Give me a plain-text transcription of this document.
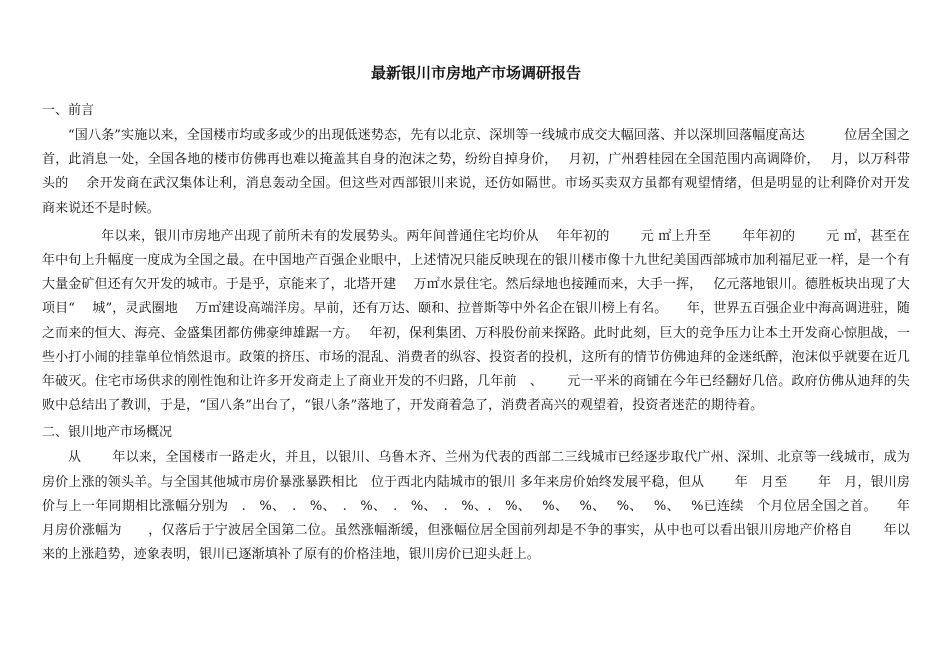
最新银川市房地产市场调研报告
一、前言

“国八条”实施以来，全国楼市均或多或少的出现低迷势态，先有以北京、深圳等一线城市成交大幅回落、并以深圳回落幅度高达　　　位居全国之首，此消息一处，全国各地的楼市仿佛再也难以掩盖其自身的泡沫之势，纷纷自掉身价，　 月初，广州碧桂园在全国范围内高调降价，　 月，以万科带头的　 余开发商在武汉集体让利，消息轰动全国。但这些对西部银川来说，还仿如隔世。市场买卖双方虽都有观望情绪，但是明显的让利降价对开发商来说还不是时候。

　 年以来，银川市房地产出现了前所未有的发展势头。两年间普通住宅均价从　 年年初的　　 元 ㎡上升至　　 年年初的　　 元 ㎡，甚至在　 年中旬上升幅度一度成为全国之最。在中国地产百强企业眼中，上述情况只能反映现在的银川楼市像十九世纪美国西部城市加利福尼亚一样，是一个有大量金矿但还有欠开发的城市。于是乎，京能来了，北塔开建　 万㎡水景住宅。然后绿地也接踵而来，大手一挥，　 亿元落地银川。德胜板块出现了大项目“　 城”，灵武圈地　 万㎡建设高端洋房。早前，还有万达、颐和、拉普斯等中外名企在银川榜上有名。　　年，世界五百强企业中海高调进驻，随之而来的恒大、海亮、金盛集团都仿佛豪绅雄踞一方。　 年初，保利集团、万科股份前来探路。此时此刻，巨大的竞争压力让本土开发商心惊胆战，一些小打小闹的挂靠单位悄然退市。政策的挤压、市场的混乱、消费者的纵容、投资者的投机，这所有的情节仿佛迪拜的金迷纸醉，泡沫似乎就要在近几年破灭。住宅市场供求的刚性饱和让许多开发商走上了商业开发的不归路，几年前　、　　 元一平米的商铺在今年已经翻好几倍。政府仿佛从迪拜的失败中总结出了教训，于是，“国八条”出台了，“银八条”落地了，开发商着急了，消费者高兴的观望着，投资者迷茫的期待着。

二、银川地产市场概况

从　　 年以来，全国楼市一路走火，并且，以银川、乌鲁木齐、兰州为代表的西部二三线城市已经逐步取代广州、深圳、北京等一线城市，成为房价上涨的领头羊。与全国其他城市房价暴涨暴跌相比　位于西北内陆城市的银川 多年来房价始终发展平稳，但从　　 年　月至　　 年　月，银川房价与上一年同期相比涨幅分别为　.　%、　.　%、　.　%、　.　%、　.　%、.　%、　 %、　 %、　 %、　 %、　 %已连续　个月位居全国之首。　　年　月房价涨幅为　　，仅落后于宁波居全国第二位。虽然涨幅渐缓，但涨幅位居全国前列却是不争的事实，从中也可以看出银川房地产价格自　　 年以来的上涨趋势，迹象表明，银川已逐渐填补了原有的价格洼地，银川房价已迎头赶上。
